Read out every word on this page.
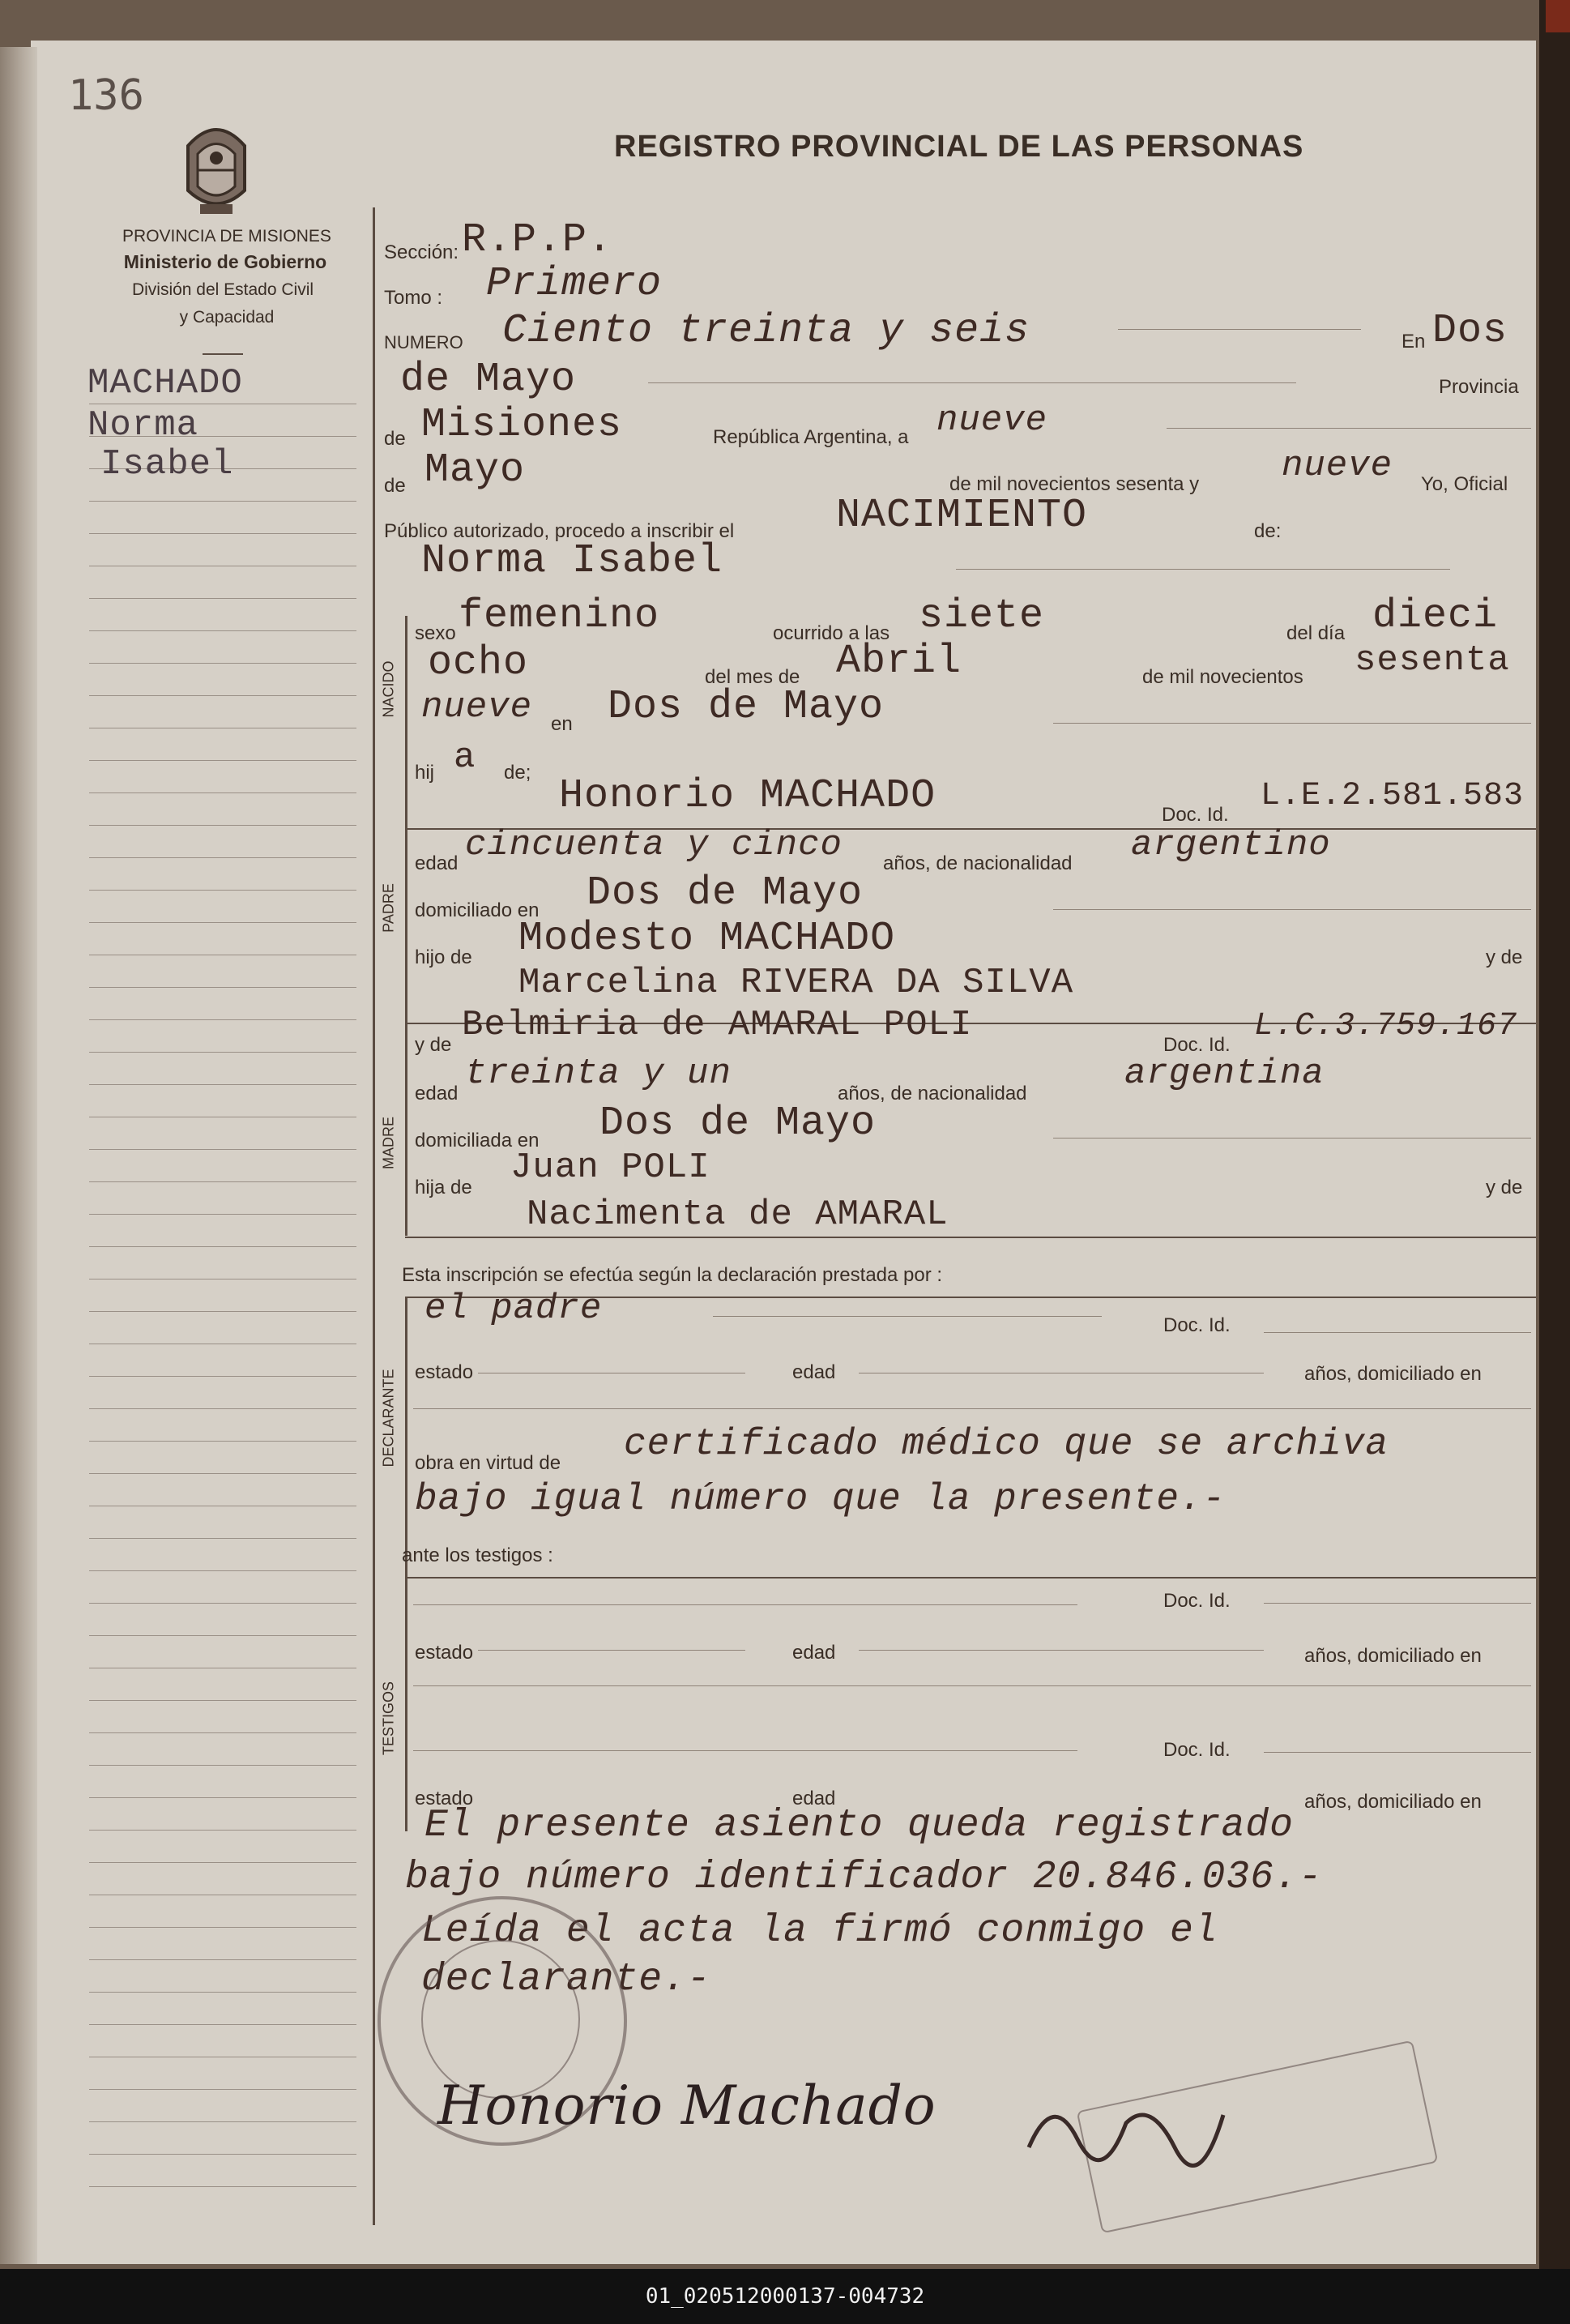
136
PROVINCIA DE MISIONES
Ministerio de Gobierno
División del Estado Civil
y Capacidad
REGISTRO PROVINCIAL DE LAS PERSONAS
MACHADO
Norma
Isabel
NACIDO
PADRE
MADRE
DECLARANTE
TESTIGOS
Sección: R.P.P.
Tomo : Primero
NUMERO Ciento treinta y seis	En Dos
de Mayo	Provincia
de Misiones	República Argentina, a nueve
de Mayo	de mil novecientos sesenta y nueve Yo, Oficial
Público autorizado, procedo a inscribir el	NACIMIENTO	de:
Norma Isabel
sexo femenino	ocurrido a las siete	del día dieci
ocho	del mes de Abril	de mil novecientos sesenta
nueve en Dos de Mayo
hij a de;
Honorio MACHADO	Doc. Id.
L.E.2.581.583
edad cincuenta y cinco años, de nacionalidad argentino
domiciliado en Dos de Mayo
hijo de Modesto MACHADO	y de
Marcelina RIVERA DA SILVA
y de Belmiria de AMARAL POLI	Doc. Id.
L.C.3.759.167
edad treinta y un	años, de nacionalidad	argentina
domiciliada en Dos de Mayo
hija de Juan POLI	y de
Nacimenta de AMARAL
Esta inscripción se efectúa según la declaración prestada por :
el padre	Doc. Id.
estado	edad	años, domiciliado en
obra en virtud de certificado médico que se archiva
bajo igual número que la presente.-
ante los testigos :
Doc. Id.
estado	edad	años, domiciliado en
Doc. Id.
estado	edad	años, domiciliado en
El presente asiento queda registrado
bajo número identificador 20.846.036.-
Leída el acta la firmó conmigo el
declarante.-
Honorio Machado
01_020512000137-004732
